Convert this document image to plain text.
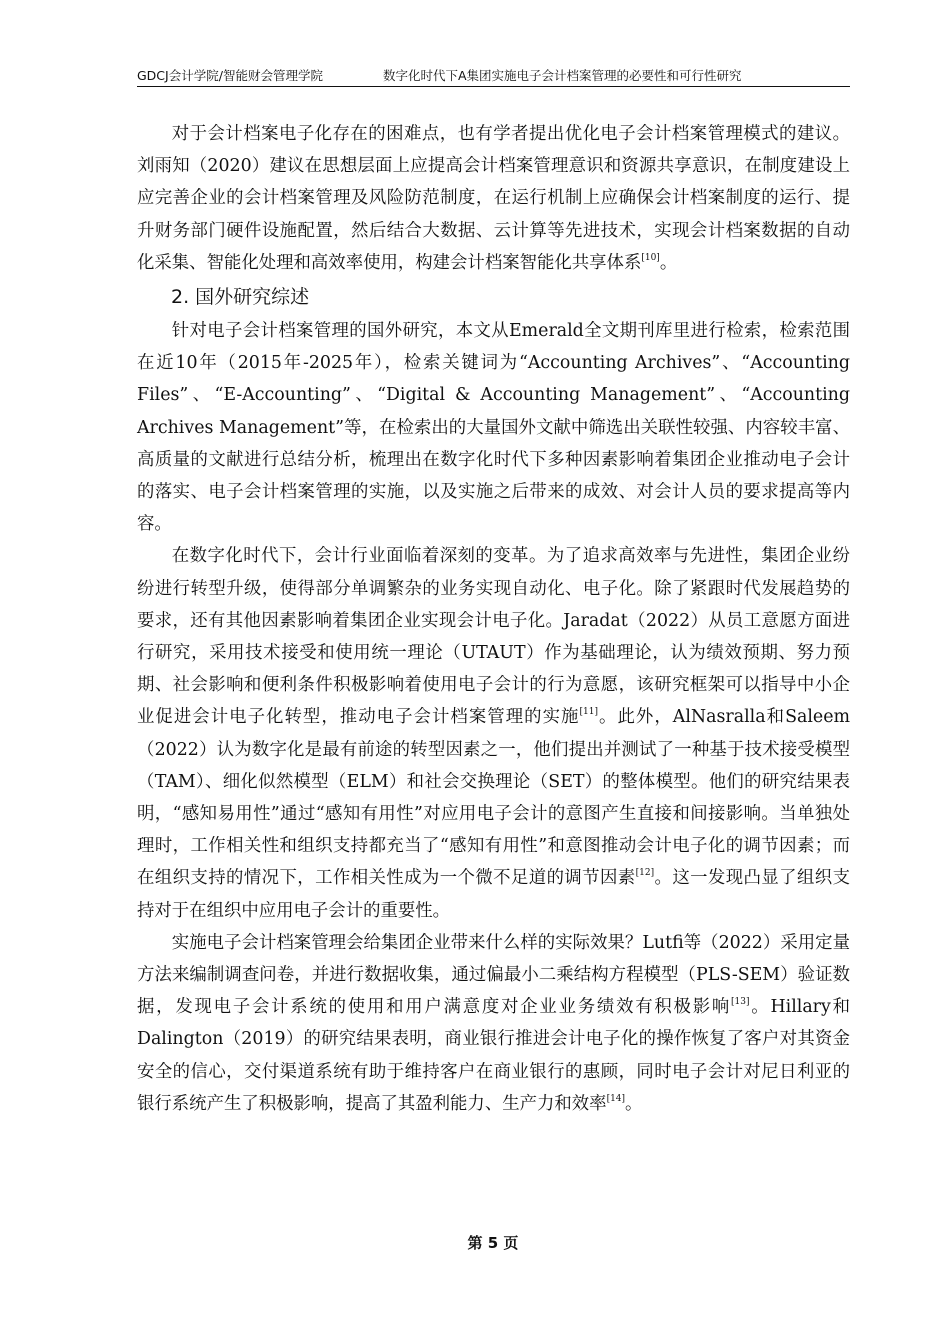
GDCJ会计学院/智能财会管理学院	数字化时代下A集团实施电子会计档案管理的必要性和可行性研究

对于会计档案电子化存在的困难点，也有学者提出优化电子会计档案管理模式的建议。刘雨知（2020）建议在思想层面上应提高会计档案管理意识和资源共享意识，在制度建设上应完善企业的会计档案管理及风险防范制度，在运行机制上应确保会计档案制度的运行、提升财务部门硬件设施配置，然后结合大数据、云计算等先进技术，实现会计档案数据的自动化采集、智能化处理和高效率使用，构建会计档案智能化共享体系[10]。

2. 国外研究综述

针对电子会计档案管理的国外研究，本文从Emerald全文期刊库里进行检索，检索范围在近10年（2015年-2025年），检索关键词为“Accounting Archives”、“Accounting Files”、“E-Accounting”、“Digital & Accounting Management”、“Accounting Archives Management”等，在检索出的大量国外文献中筛选出关联性较强、内容较丰富、高质量的文献进行总结分析，梳理出在数字化时代下多种因素影响着集团企业推动电子会计的落实、电子会计档案管理的实施，以及实施之后带来的成效、对会计人员的要求提高等内容。

在数字化时代下，会计行业面临着深刻的变革。为了追求高效率与先进性，集团企业纷纷进行转型升级，使得部分单调繁杂的业务实现自动化、电子化。除了紧跟时代发展趋势的要求，还有其他因素影响着集团企业实现会计电子化。Jaradat（2022）从员工意愿方面进行研究，采用技术接受和使用统一理论（UTAUT）作为基础理论，认为绩效预期、努力预期、社会影响和便利条件积极影响着使用电子会计的行为意愿，该研究框架可以指导中小企业促进会计电子化转型，推动电子会计档案管理的实施[11]。此外，AlNasralla和Saleem（2022）认为数字化是最有前途的转型因素之一，他们提出并测试了一种基于技术接受模型（TAM）、细化似然模型（ELM）和社会交换理论（SET）的整体模型。他们的研究结果表明，“感知易用性”通过“感知有用性”对应用电子会计的意图产生直接和间接影响。当单独处理时，工作相关性和组织支持都充当了“感知有用性”和意图推动会计电子化的调节因素；而在组织支持的情况下，工作相关性成为一个微不足道的调节因素[12]。这一发现凸显了组织支持对于在组织中应用电子会计的重要性。

实施电子会计档案管理会给集团企业带来什么样的实际效果？Lutfi等（2022）采用定量方法来编制调查问卷，并进行数据收集，通过偏最小二乘结构方程模型（PLS-SEM）验证数据，发现电子会计系统的使用和用户满意度对企业业务绩效有积极影响[13]。Hillary和Dalington（2019）的研究结果表明，商业银行推进会计电子化的操作恢复了客户对其资金安全的信心，交付渠道系统有助于维持客户在商业银行的惠顾，同时电子会计对尼日利亚的银行系统产生了积极影响，提高了其盈利能力、生产力和效率[14]。

第 5 页
